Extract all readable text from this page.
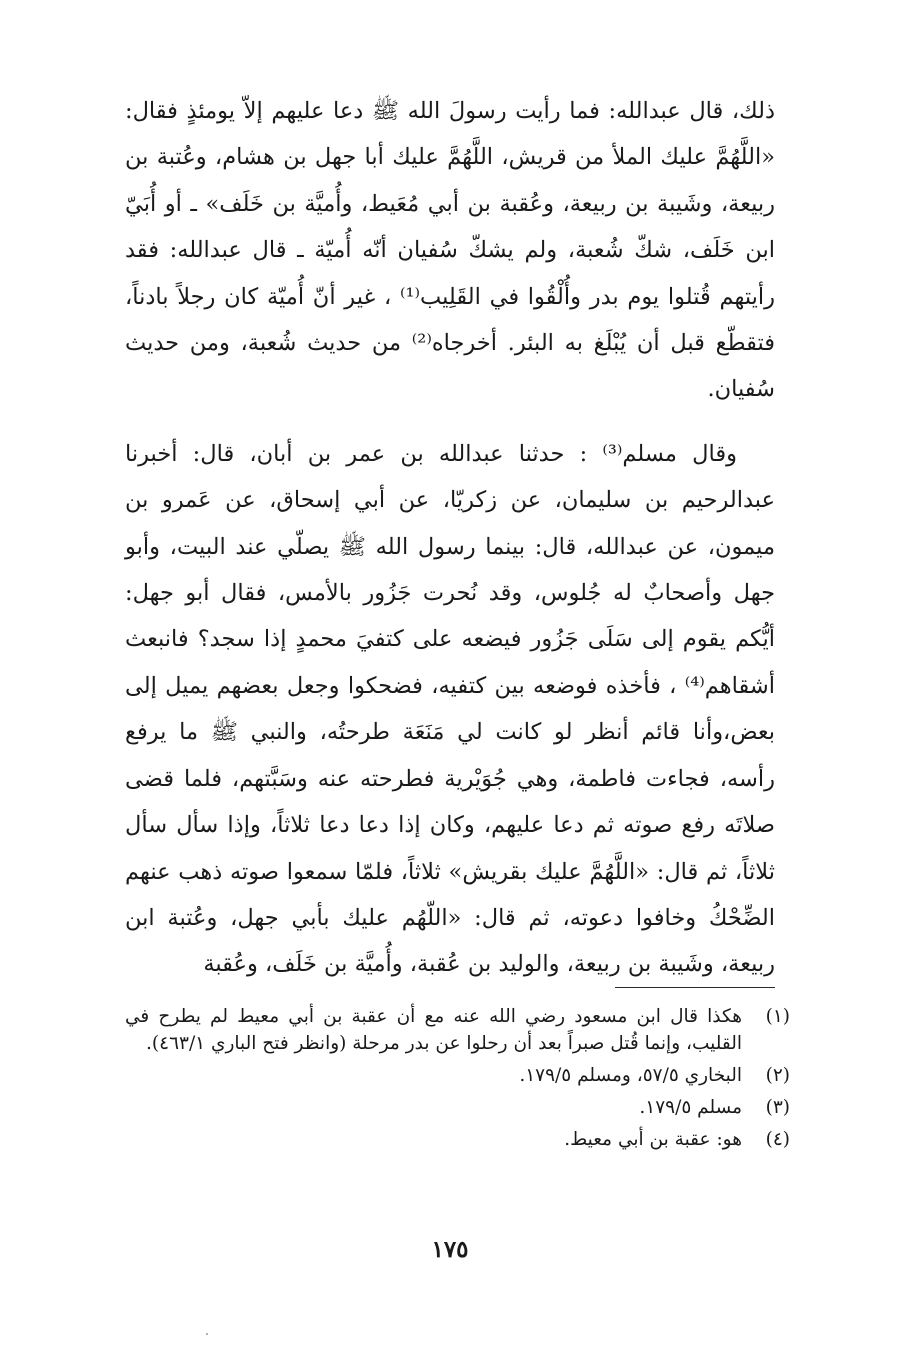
ذلك، قال عبدالله: فما رأيت رسولَ الله ﷺ دعا عليهم إلاّ يومئذٍ فقال: «اللَّهُمَّ عليك الملأ من قريش، اللَّهُمَّ عليك أبا جهل بن هشام، وعُتبة بن ربيعة، وشَيبة بن ربيعة، وعُقبة بن أبي مُعَيط، وأُميَّة بن خَلَف» ـ أو أُبَيّ ابن خَلَف، شكّ شُعبة، ولم يشكّ سُفيان أنّه أُميّة ـ قال عبدالله: فقد رأيتهم قُتلوا يوم بدر وأُلْقُوا في القَلِيب⁽¹⁾ ، غير أنّ أُميّة كان رجلاً بادناً، فتقطّع قبل أن يُبْلَغ به البئر. أخرجاه⁽²⁾ من حديث شُعبة، ومن حديث سُفيان.

وقال مسلم⁽³⁾ : حدثنا عبدالله بن عمر بن أبان، قال: أخبرنا عبدالرحيم بن سليمان، عن زكريّا، عن أبي إسحاق، عن عَمرو بن ميمون، عن عبدالله، قال: بينما رسول الله ﷺ يصلّي عند البيت، وأبو جهل وأصحابٌ له جُلوس، وقد نُحرت جَزُور بالأمس، فقال أبو جهل: أيُّكم يقوم إلى سَلَى جَزُور فيضعه على كتفيَ محمدٍ إذا سجد؟ فانبعث أشقاهم⁽⁴⁾ ، فأخذه فوضعه بين كتفيه، فضحكوا وجعل بعضهم يميل إلى بعض،وأنا قائم أنظر لو كانت لي مَنَعَة طرحتُه، والنبي ﷺ ما يرفع رأسه، فجاءت فاطمة، وهي جُوَيْرية فطرحته عنه وسَبَّتهم، فلما قضى صلاتَه رفع صوته ثم دعا عليهم، وكان إذا دعا دعا ثلاثاً، وإذا سأل سأل ثلاثاً، ثم قال: «اللَّهُمَّ عليك بقريش» ثلاثاً، فلمّا سمعوا صوته ذهب عنهم الضِّحْكُ وخافوا دعوته، ثم قال: «اللّهُم عليك بأبي جهل، وعُتبة ابن ربيعة، وشَيبة بن ربيعة، والوليد بن عُقبة، وأُميَّة بن خَلَف، وعُقبة

(١)
هكذا قال ابن مسعود رضي الله عنه مع أن عقبة بن أبي معيط لم يطرح في القليب، وإنما قُتل صبراً بعد أن رحلوا عن بدر مرحلة (وانظر فتح الباري ٤٦٣/١).
(٢)
البخاري ٥٧/٥، ومسلم ١٧٩/٥.
(٣)
مسلم ١٧٩/٥.
(٤)
هو: عقبة بن أبي معيط.
١٧٥
